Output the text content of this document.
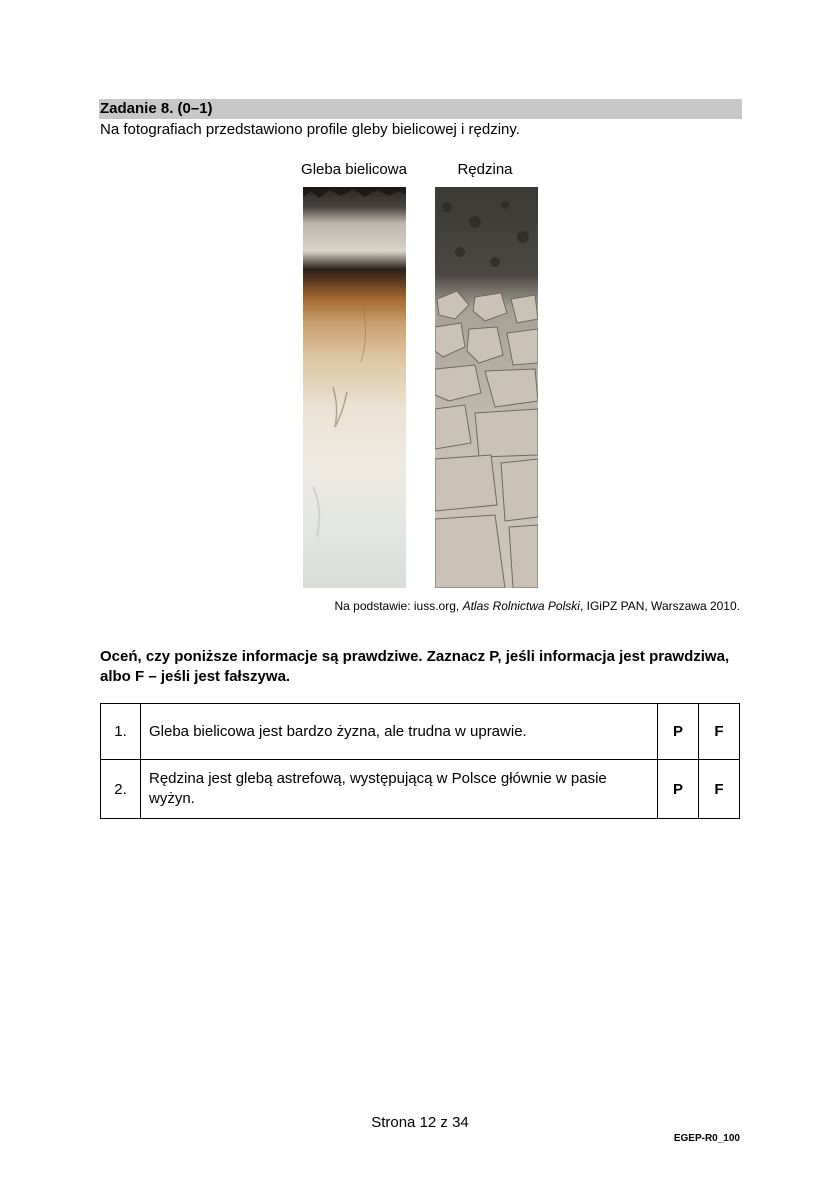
Zadanie 8. (0–1)
Na fotografiach przedstawiono profile gleby bielicowej i rędziny.
Gleba bielicowa	Rędzina
Na podstawie: iuss.org, Atlas Rolnictwa Polski, IGiPZ PAN, Warszawa 2010.
Oceń, czy poniższe informacje są prawdziwe. Zaznacz P, jeśli informacja jest prawdziwa, albo F – jeśli jest fałszywa.
1.	Gleba bielicowa jest bardzo żyzna, ale trudna w uprawie.	P	F
2.	Rędzina jest glebą astrefową, występującą w Polsce głównie w pasie wyżyn.	P	F
Strona 12 z 34
EGEP-R0_100
